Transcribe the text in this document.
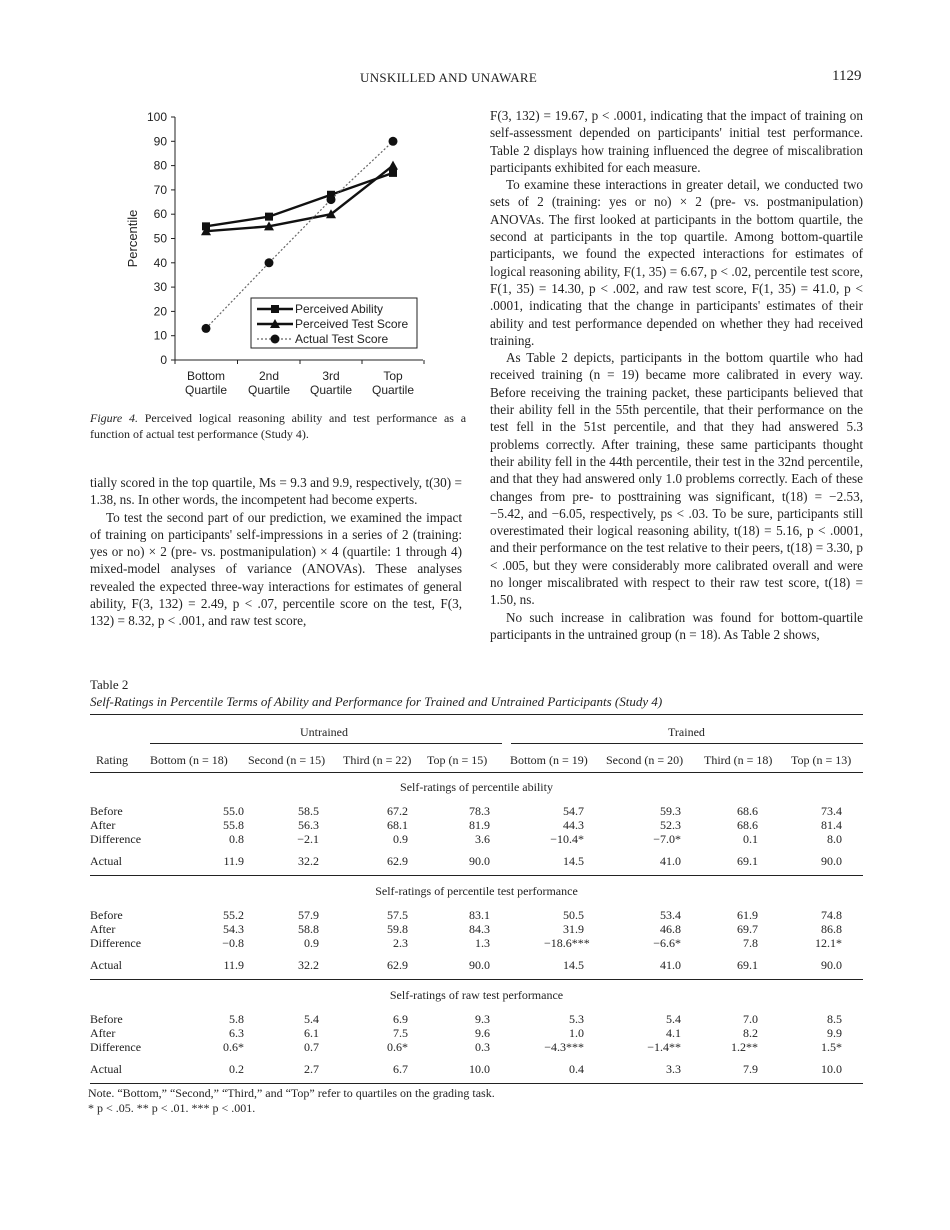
UNSKILLED AND UNAWARE	1129
0
10
20
30
40
50
60
70
80
90
100
Percentile
Bottom
Quartile
2nd
Quartile
3rd
Quartile
Top
Quartile
Perceived Ability
Perceived Test Score
Actual Test Score
Figure 4. Perceived logical reasoning ability and test performance as a function of actual test performance (Study 4).

tially scored in the top quartile, Ms = 9.3 and 9.9, respectively, t(30) = 1.38, ns. In other words, the incompetent had become experts.

To test the second part of our prediction, we examined the impact of training on participants' self-impressions in a series of 2 (training: yes or no) × 2 (pre- vs. postmanipulation) × 4 (quartile: 1 through 4) mixed-model analyses of variance (ANOVAs). These analyses revealed the expected three-way interactions for estimates of general ability, F(3, 132) = 2.49, p < .07, percentile score on the test, F(3, 132) = 8.32, p < .001, and raw test score,

F(3, 132) = 19.67, p < .0001, indicating that the impact of training on self-assessment depended on participants' initial test performance. Table 2 displays how training influenced the degree of miscalibration participants exhibited for each measure.

To examine these interactions in greater detail, we conducted two sets of 2 (training: yes or no) × 2 (pre- vs. postmanipulation) ANOVAs. The first looked at participants in the bottom quartile, the second at participants in the top quartile. Among bottom-quartile participants, we found the expected interactions for estimates of logical reasoning ability, F(1, 35) = 6.67, p < .02, percentile test score, F(1, 35) = 14.30, p < .002, and raw test score, F(1, 35) = 41.0, p < .0001, indicating that the change in participants' estimates of their ability and test performance depended on whether they had received training.

As Table 2 depicts, participants in the bottom quartile who had received training (n = 19) became more calibrated in every way. Before receiving the training packet, these participants believed that their ability fell in the 55th percentile, that their performance on the test fell in the 51st percentile, and that they had answered 5.3 problems correctly. After training, these same participants thought their ability fell in the 44th percentile, their test in the 32nd percentile, and that they had answered only 1.0 problems correctly. Each of these changes from pre- to posttraining was significant, t(18) = −2.53, −5.42, and −6.05, respectively, ps < .03. To be sure, participants still overestimated their logical reasoning ability, t(18) = 5.16, p < .0001, and their performance on the test relative to their peers, t(18) = 3.30, p < .005, but they were considerably more calibrated overall and were no longer miscalibrated with respect to their raw test score, t(18) = 1.50, ns.

No such increase in calibration was found for bottom-quartile participants in the untrained group (n = 18). As Table 2 shows,

Table 2
Self-Ratings in Percentile Terms of Ability and Performance for Trained and Untrained Participants (Study 4)
Untrained	Trained
Rating Bottom (n = 18) Second (n = 15) Third (n = 22) Top (n = 15) Bottom (n = 19) Second (n = 20) Third (n = 18) Top (n = 13)
Self-ratings of percentile ability
Before	55.0	58.5	67.2	78.3	54.7	59.3	68.6	73.4
After	55.8	56.3	68.1	81.9	44.3	52.3	68.6	81.4
Difference	0.8	−2.1	0.9	3.6	−10.4*	−7.0*	0.1	8.0
Actual	11.9	32.2	62.9	90.0	14.5	41.0	69.1	90.0
Self-ratings of percentile test performance
Before	55.2	57.9	57.5	83.1	50.5	53.4	61.9	74.8
After	54.3	58.8	59.8	84.3	31.9	46.8	69.7	86.8
Difference	−0.8	0.9	2.3	1.3	−18.6***	−6.6*	7.8	12.1*
Actual	11.9	32.2	62.9	90.0	14.5	41.0	69.1	90.0
Self-ratings of raw test performance
Before	5.8	5.4	6.9	9.3	5.3	5.4	7.0	8.5
After	6.3	6.1	7.5	9.6	1.0	4.1	8.2	9.9
Difference	0.6*	0.7	0.6*	0.3	−4.3***	−1.4**	1.2**	1.5*
Actual	0.2	2.7	6.7	10.0	0.4	3.3	7.9	10.0
Note. “Bottom,” “Second,” “Third,” and “Top” refer to quartiles on the grading task.
* p < .05. ** p < .01. *** p < .001.
